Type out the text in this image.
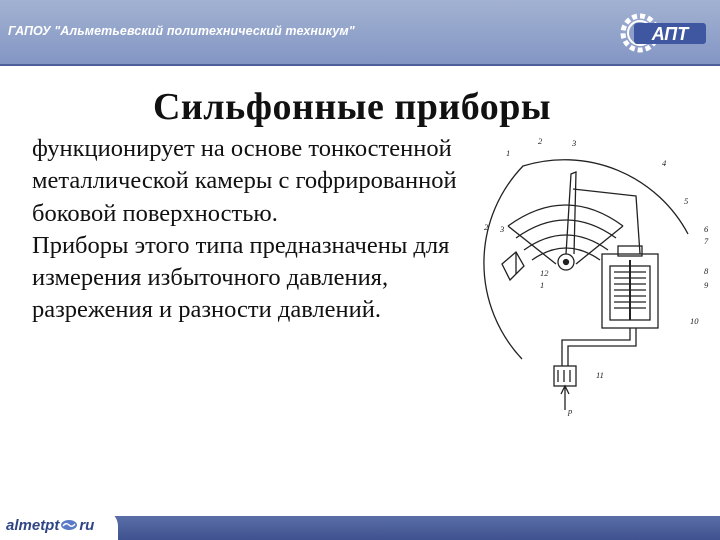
ГАПОУ "Альметьевский политехнический техникум"	АПТ
Сильфонные приборы

функционирует на основе тонкостенной металлической камеры с гофрированной боковой поверхностью.

Приборы этого типа предназначены для измерения избыточного давления, разрежения и разности давлений.

1
2	3
4
5
6
7
8
9
10
11
2 3
12
1
p
almetpt ru
